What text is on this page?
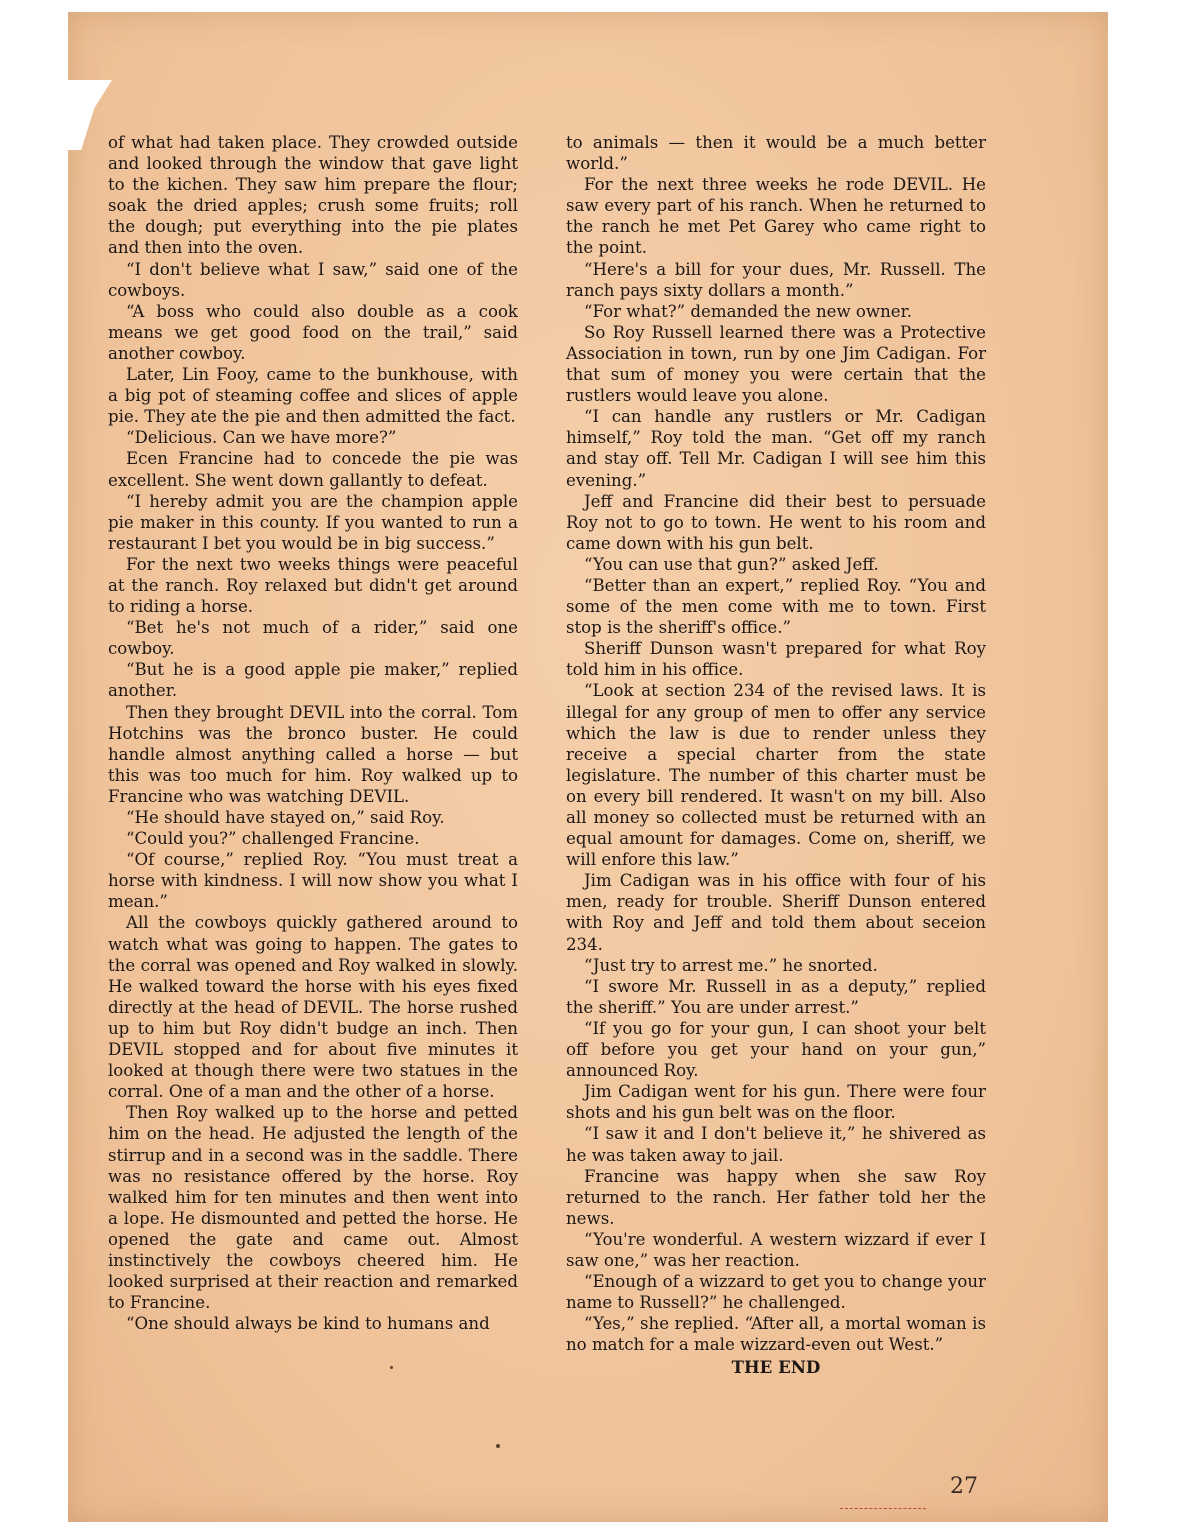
of what had taken place. They crowded outside and looked through the window that gave light to the kichen. They saw him prepare the flour; soak the dried apples; crush some fruits; roll the dough; put everything into the pie plates and then into the oven.

“I don't believe what I saw,” said one of the cowboys.

“A boss who could also double as a cook means we get good food on the trail,” said another cowboy.

Later, Lin Fooy, came to the bunkhouse, with a big pot of steaming coffee and slices of apple pie. They ate the pie and then admitted the fact.

“Delicious. Can we have more?”

Ecen Francine had to concede the pie was excellent. She went down gallantly to defeat.

“I hereby admit you are the champion apple pie maker in this county. If you wanted to run a restaurant I bet you would be in big success.”

For the next two weeks things were peaceful at the ranch. Roy relaxed but didn't get around to riding a horse.

“Bet he's not much of a rider,” said one cowboy.

“But he is a good apple pie maker,” replied another.

Then they brought DEVIL into the corral. Tom Hotchins was the bronco buster. He could handle almost anything called a horse — but this was too much for him. Roy walked up to Francine who was watching DEVIL.

“He should have stayed on,” said Roy.

“Could you?” challenged Francine.

“Of course,” replied Roy. “You must treat a horse with kindness. I will now show you what I mean.”

All the cowboys quickly gathered around to watch what was going to happen. The gates to the corral was opened and Roy walked in slowly. He walked toward the horse with his eyes fixed directly at the head of DEVIL. The horse rushed up to him but Roy didn't budge an inch. Then DEVIL stopped and for about five minutes it looked at though there were two statues in the corral. One of a man and the other of a horse.

Then Roy walked up to the horse and petted him on the head. He adjusted the length of the stirrup and in a second was in the saddle. There was no resistance offered by the horse. Roy walked him for ten minutes and then went into a lope. He dismounted and petted the horse. He opened the gate and came out. Almost instinctively the cowboys cheered him. He looked surprised at their reaction and remarked to Francine.

“One should always be kind to humans and

to animals — then it would be a much better world.”

For the next three weeks he rode DEVIL. He saw every part of his ranch. When he returned to the ranch he met Pet Garey who came right to the point.

“Here's a bill for your dues, Mr. Russell. The ranch pays sixty dollars a month.”

“For what?” demanded the new owner.

So Roy Russell learned there was a Protective Association in town, run by one Jim Cadigan. For that sum of money you were certain that the rustlers would leave you alone.

“I can handle any rustlers or Mr. Cadigan himself,” Roy told the man. “Get off my ranch and stay off. Tell Mr. Cadigan I will see him this evening.”

Jeff and Francine did their best to persuade Roy not to go to town. He went to his room and came down with his gun belt.

“You can use that gun?” asked Jeff.

“Better than an expert,” replied Roy. “You and some of the men come with me to town. First stop is the sheriff's office.”

Sheriff Dunson wasn't prepared for what Roy told him in his office.

“Look at section 234 of the revised laws. It is illegal for any group of men to offer any service which the law is due to render unless they receive a special charter from the state legislature. The number of this charter must be on every bill rendered. It wasn't on my bill. Also all money so collected must be returned with an equal amount for damages. Come on, sheriff, we will enfore this law.”

Jim Cadigan was in his office with four of his men, ready for trouble. Sheriff Dunson entered with Roy and Jeff and told them about seceion 234.

“Just try to arrest me.” he snorted.

“I swore Mr. Russell in as a deputy,” replied the sheriff.” You are under arrest.”

“If you go for your gun, I can shoot your belt off before you get your hand on your gun,” announced Roy.

Jim Cadigan went for his gun. There were four shots and his gun belt was on the floor.

“I saw it and I don't believe it,” he shivered as he was taken away to jail.

Francine was happy when she saw Roy returned to the ranch. Her father told her the news.

“You're wonderful. A western wizzard if ever I saw one,” was her reaction.

“Enough of a wizzard to get you to change your name to Russell?” he challenged.

“Yes,” she replied. “After all, a mortal woman is no match for a male wizzard-even out West.”

THE END

27
